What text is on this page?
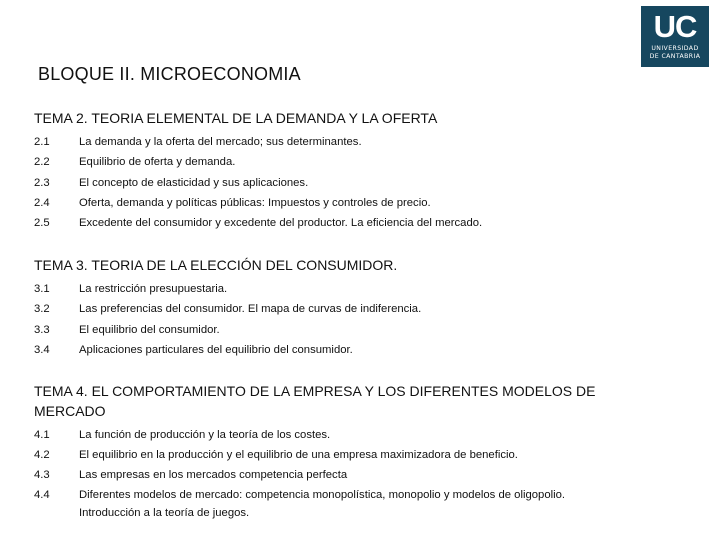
UC
UNIVERSIDAD
DE CANTABRIA
BLOQUE II. MICROECONOMIA
TEMA 2. TEORIA ELEMENTAL DE LA DEMANDA Y LA OFERTA
2.1	La demanda y la oferta del mercado; sus determinantes.
2.2	Equilibrio de oferta y demanda.
2.3	El concepto de elasticidad y sus aplicaciones.
2.4	Oferta, demanda y políticas públicas: Impuestos y controles de precio.
2.5	Excedente del consumidor y excedente del productor. La eficiencia del mercado.
TEMA 3. TEORIA DE LA ELECCIÓN DEL CONSUMIDOR.
3.1	La restricción presupuestaria.
3.2	Las preferencias del consumidor. El mapa de curvas de indiferencia.
3.3	El equilibrio del consumidor.
3.4	Aplicaciones particulares del equilibrio del consumidor.
TEMA 4. EL COMPORTAMIENTO DE LA EMPRESA Y LOS DIFERENTES MODELOS DE MERCADO
4.1	La función de producción y la teoría de los costes.
4.2	El equilibrio en la producción y el equilibrio de una empresa maximizadora de beneficio.
4.3	Las empresas en los mercados competencia perfecta
4.4	Diferentes modelos de mercado: competencia monopolística, monopolio y modelos de oligopolio.
Introducción a la teoría de juegos.
